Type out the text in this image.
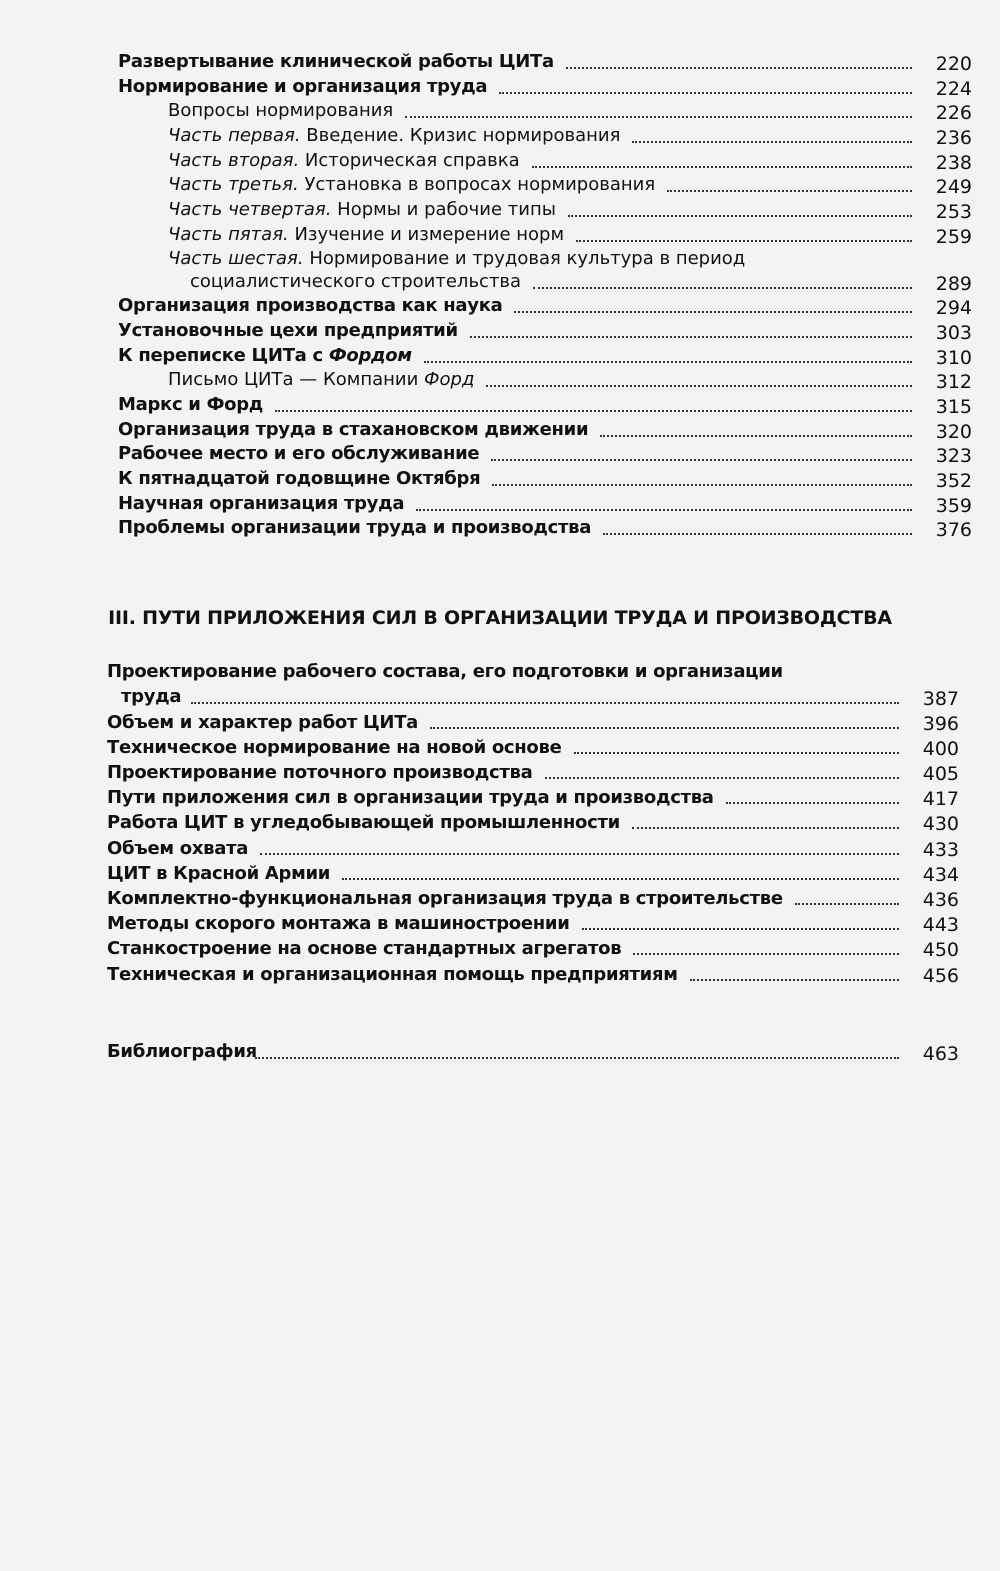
Развертывание клинической работы ЦИТа	220
Нормирование и организация труда	224
Вопросы нормирования	226
Часть первая. Введение. Кризис нормирования	236
Часть вторая. Историческая справка	238
Часть третья. Установка в вопросах нормирования	249
Часть четвертая. Нормы и рабочие типы	253
Часть пятая. Изучение и измерение норм	259
Часть шестая. Нормирование и трудовая культура в период
социалистического строительства	289
Организация производства как наука	294
Установочные цехи предприятий	303
К переписке ЦИТа с Фордом	310
Письмо ЦИТа — Компании Форд	312
Маркс и Форд	315
Организация труда в стахановском движении	320
Рабочее место и его обслуживание	323
К пятнадцатой годовщине Октября	352
Научная организация труда	359
Проблемы организации труда и производства	376
III. ПУТИ ПРИЛОЖЕНИЯ СИЛ В ОРГАНИЗАЦИИ ТРУДА И ПРОИЗВОДСТВА
Проектирование рабочего состава, его подготовки и организации
труда	387
Объем и характер работ ЦИТа	396
Техническое нормирование на новой основе	400
Проектирование поточного производства	405
Пути приложения сил в организации труда и производства	417
Работа ЦИТ в угледобывающей промышленности	430
Объем охвата	433
ЦИТ в Красной Армии	434
Комплектно-функциональная организация труда в строительстве	436
Методы скорого монтажа в машиностроении	443
Станкостроение на основе стандартных агрегатов	450
Техническая и организационная помощь предприятиям	456
Библиография	463
